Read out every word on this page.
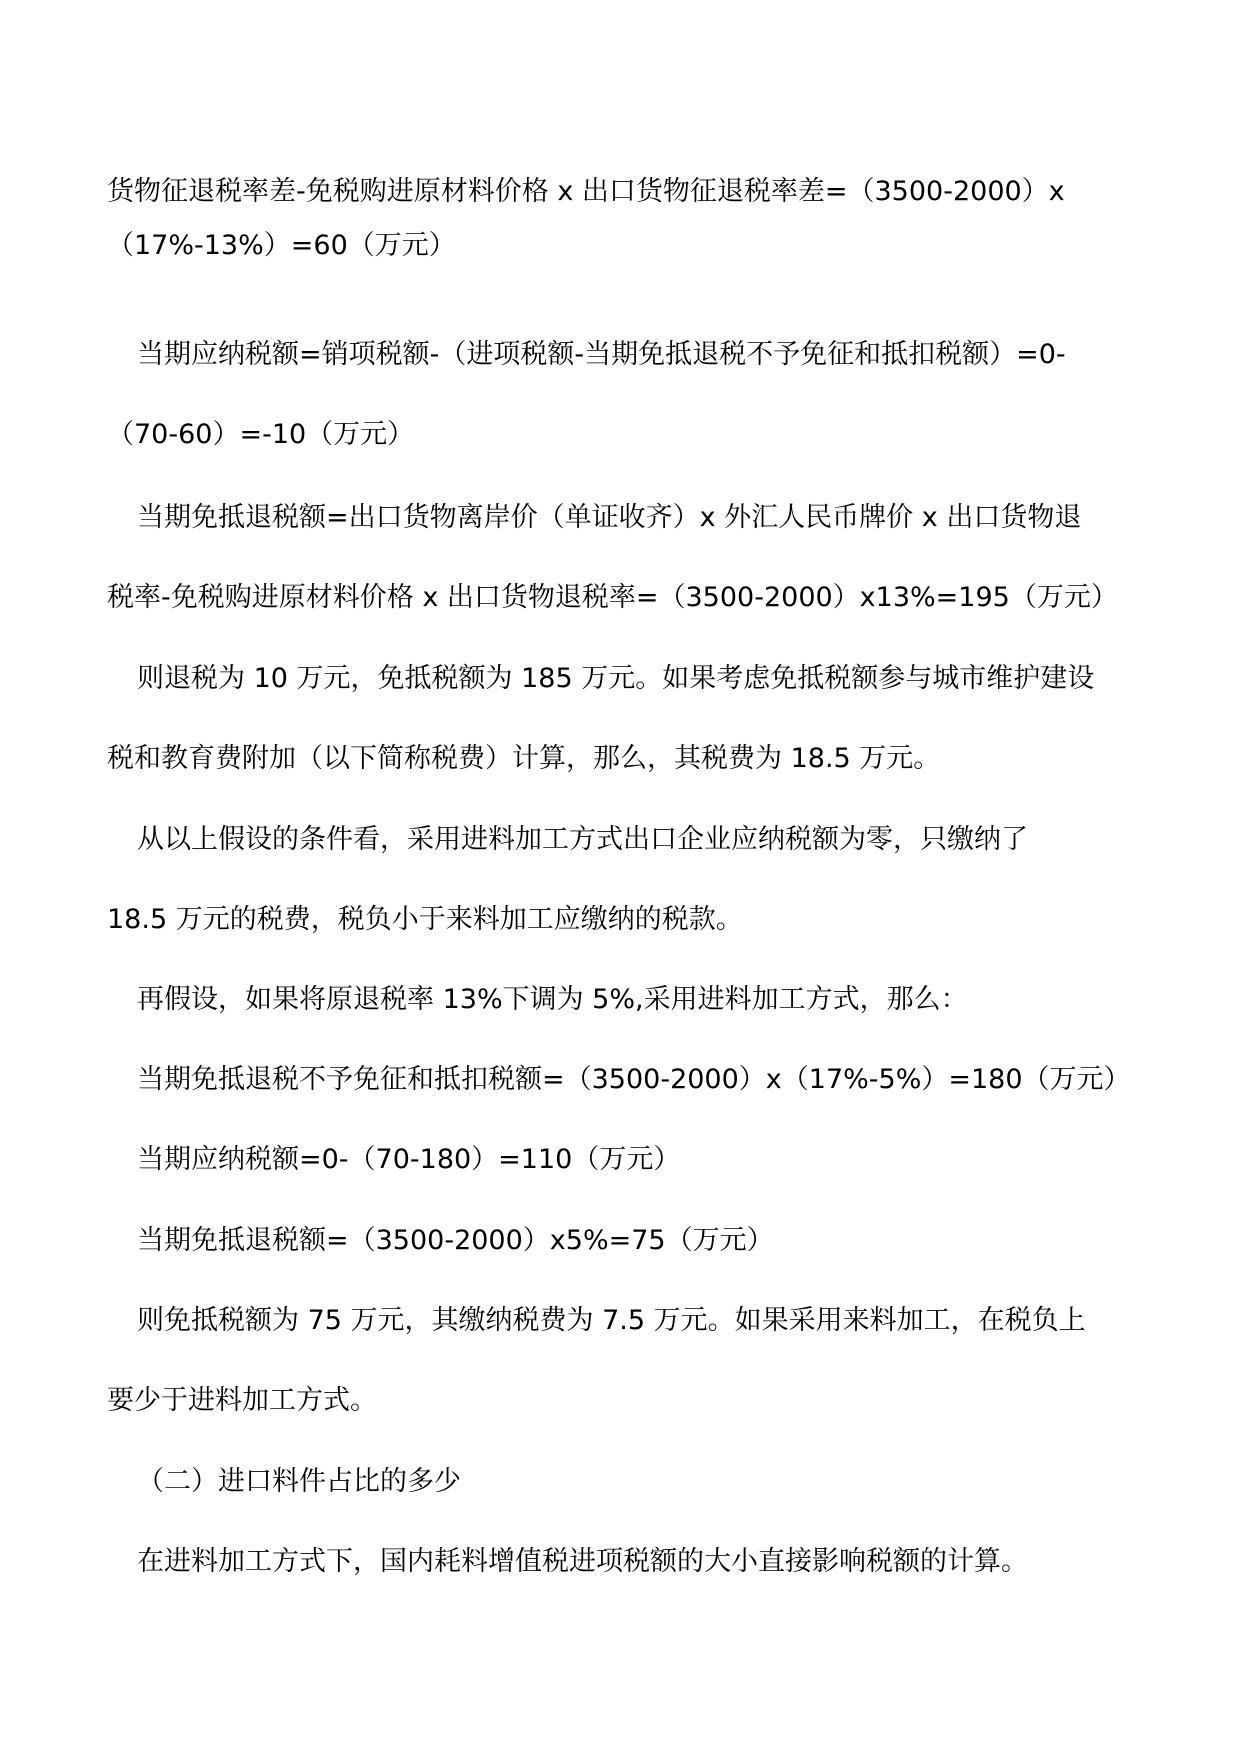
货物征退税率差-免税购进原材料价格 x 出口货物征退税率差=（3500-2000）x
（17%-13%）=60（万元）
当期应纳税额=销项税额-（进项税额-当期免抵退税不予免征和抵扣税额）=0-
（70-60）=-10（万元）
当期免抵退税额=出口货物离岸价（单证收齐）x 外汇人民币牌价 x 出口货物退
税率-免税购进原材料价格 x 出口货物退税率=（3500-2000）x13%=195（万元）
则退税为 10 万元，免抵税额为 185 万元。如果考虑免抵税额参与城市维护建设
税和教育费附加（以下简称税费）计算，那么，其税费为 18.5 万元。
从以上假设的条件看，采用进料加工方式出口企业应纳税额为零，只缴纳了
18.5 万元的税费，税负小于来料加工应缴纳的税款。
再假设，如果将原退税率 13%下调为 5%,采用进料加工方式，那么：
当期免抵退税不予免征和抵扣税额=（3500-2000）x（17%-5%）=180（万元）
当期应纳税额=0-（70-180）=110（万元）
当期免抵退税额=（3500-2000）x5%=75（万元）
则免抵税额为 75 万元，其缴纳税费为 7.5 万元。如果采用来料加工，在税负上
要少于进料加工方式。
（二）进口料件占比的多少
在进料加工方式下，国内耗料增值税进项税额的大小直接影响税额的计算。
